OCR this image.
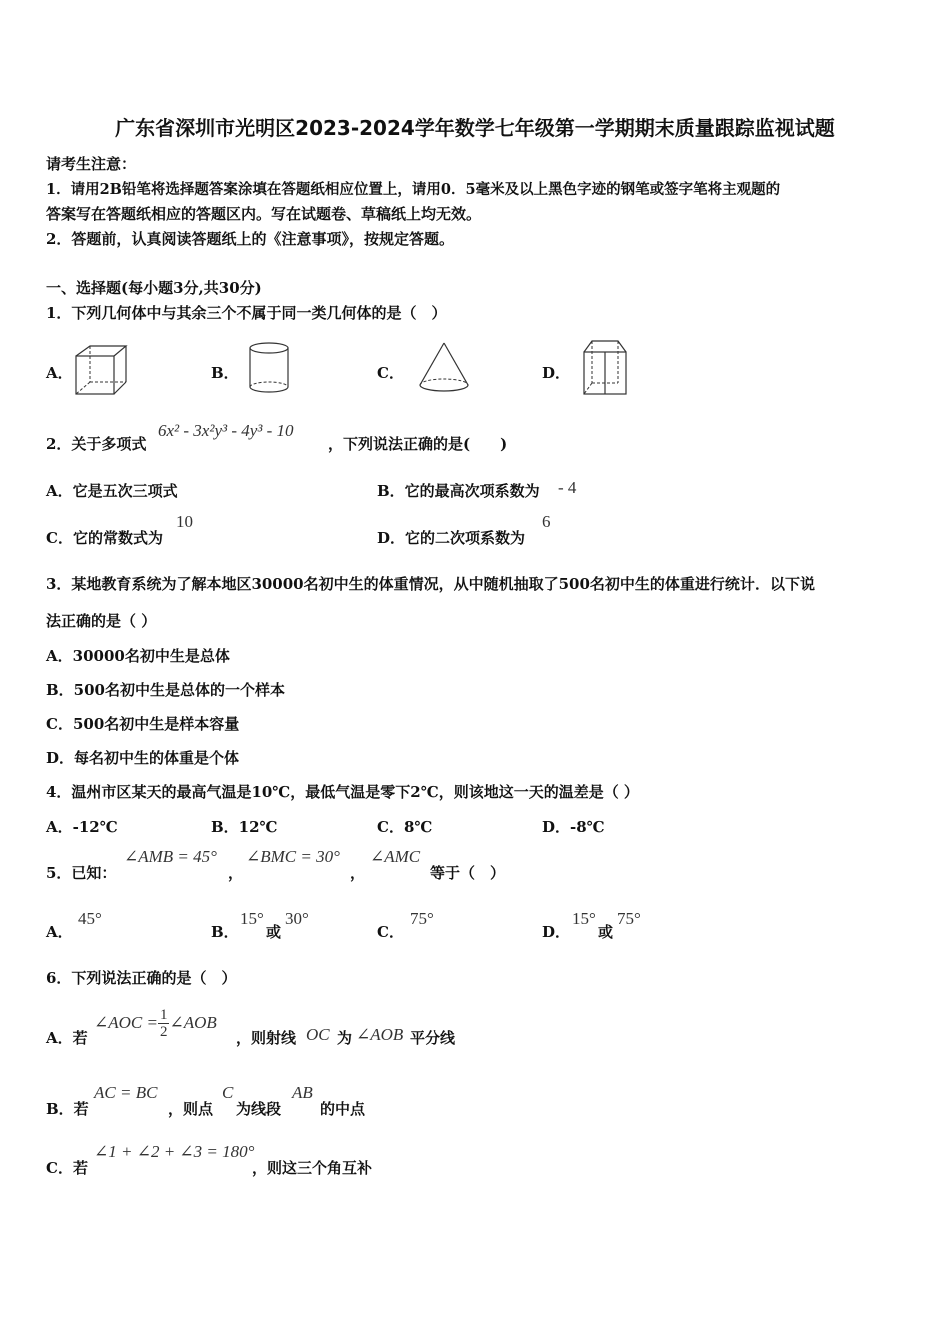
广东省深圳市光明区2023-2024学年数学七年级第一学期期末质量跟踪监视试题
请考生注意：
1．请用2B铅笔将选择题答案涂填在答题纸相应位置上，请用0．5毫米及以上黑色字迹的钢笔或签字笔将主观题的
答案写在答题纸相应的答题区内。写在试题卷、草稿纸上均无效。
2．答题前，认真阅读答题纸上的《注意事项》，按规定答题。
一、选择题(每小题3分,共30分)
1．下列几何体中与其余三个不属于同一类几何体的是（　）
A．	B．	C．	D．
2．关于多项式
6x² - 3x²y³ - 4y³ - 10
，下列说法正确的是(　　)
A．它是五次三项式	B．它的最高次项系数为 - 4
C．它的常数式为
10
D．它的二次项系数为
6
3．某地教育系统为了解本地区30000名初中生的体重情况，从中随机抽取了500名初中生的体重进行统计．以下说
法正确的是（ ）
A．30000名初中生是总体
B．500名初中生是总体的一个样本
C．500名初中生是样本容量
D．每名初中生的体重是个体
4．温州市区某天的最高气温是10℃，最低气温是零下2℃，则该地这一天的温差是（ ）
A．-12℃	B．12℃	C．8℃	D．-8℃
5．已知：
∠AMB = 45°
，
∠BMC = 30°
，
∠AMC
等于（　）
A．
45°
B．
15°
或
30°
C．
75°
D．
15°
或
75°
6．下列说法正确的是（　）
A．若
∠AOC = $\frac{1}{2}$ ∠AOB
，则射线 OC 为 ∠AOB 平分线
B．若
AC = BC
，则点
C
为线段
AB
的中点
C．若
∠1 + ∠2 + ∠3 = 180°
，则这三个角互补
